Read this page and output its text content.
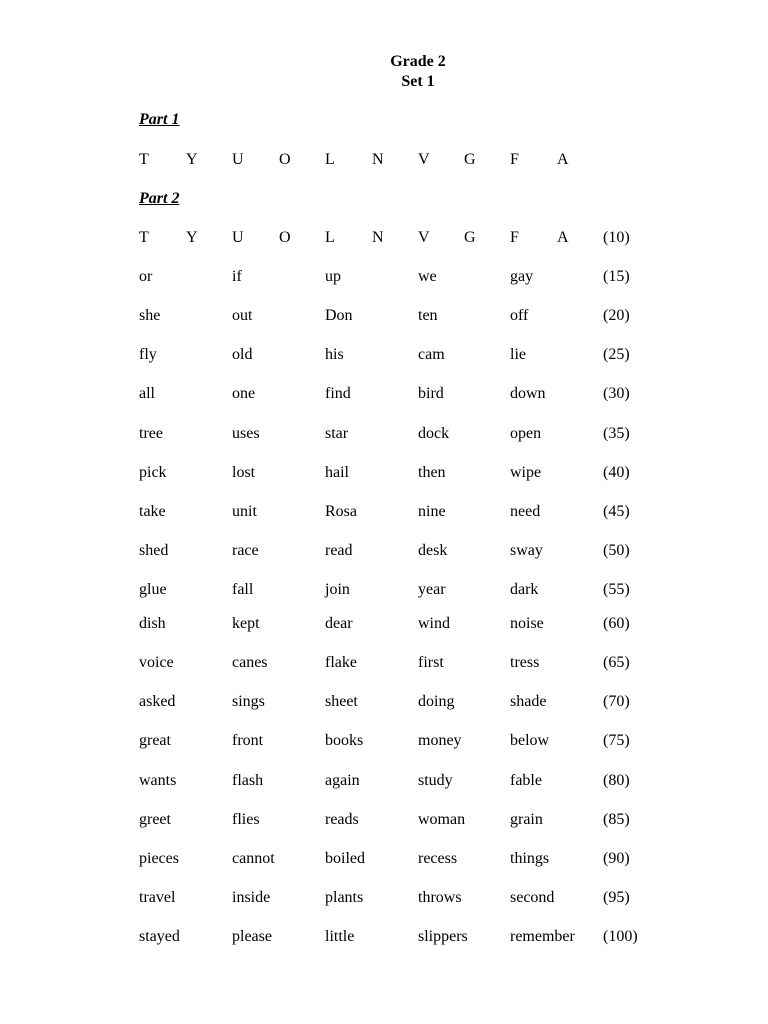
Grade 2
Set 1
Part 1
T Y U O L N V G F A
Part 2
T Y U O L N V G F A (10)
or	if	up	we	gay	(15)
she	out	Don	ten	off	(20)
fly	old	his	cam	lie	(25)
all	one	find	bird	down	(30)
tree	uses	star	dock	open	(35)
pick	lost	hail	then	wipe	(40)
take	unit	Rosa	nine	need	(45)
shed	race	read	desk	sway	(50)
glue	fall	join	year	dark	(55)
dish	kept	dear	wind	noise	(60)
voice	canes	flake	first	tress	(65)
asked	sings	sheet	doing	shade	(70)
great	front	books	money	below	(75)
wants	flash	again	study	fable	(80)
greet	flies	reads	woman	grain	(85)
pieces	cannot	boiled	recess	things	(90)
travel	inside	plants	throws	second	(95)
stayed	please	little	slippers	remember (100)
